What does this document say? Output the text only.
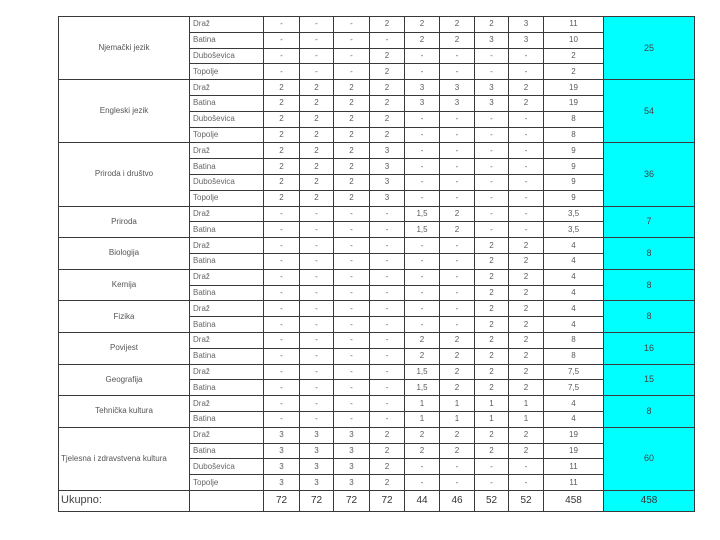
Njemački jezik	Draž	-	-	-	2	2	2	2	3	11	25
	Batina	-	-	-	-	2	2	3	3	10	
	Duboševica	-	-	-	2	-	-	-	-	2	
	Topolje	-	-	-	2	-	-	-	-	2	
Engleski jezik	Draž	2	2	2	2	3	3	3	2	19	54
	Batina	2	2	2	2	3	3	3	2	19	
	Duboševica	2	2	2	2	-	-	-	-	8	
	Topolje	2	2	2	2	-	-	-	-	8	
Priroda i društvo	Draž	2	2	2	3	-	-	-	-	9	36
	Batina	2	2	2	3	-	-	-	-	9	
	Duboševica	2	2	2	3	-	-	-	-	9	
	Topolje	2	2	2	3	-	-	-	-	9	
Priroda	Draž	-	-	-	-	1,5	2	-	-	3,5	7
	Batina	-	-	-	-	1,5	2	-	-	3,5	
Biologija	Draž	-	-	-	-	-	-	2	2	4	8
	Batina	-	-	-	-	-	-	2	2	4	
Kemija	Draž	-	-	-	-	-	-	2	2	4	8
	Batina	-	-	-	-	-	-	2	2	4	
Fizika	Draž	-	-	-	-	-	-	2	2	4	8
	Batina	-	-	-	-	-	-	2	2	4	
Povijest	Draž	-	-	-	-	2	2	2	2	8	16
	Batina	-	-	-	-	2	2	2	2	8	
Geografija	Draž	-	-	-	-	1,5	2	2	2	7,5	15
	Batina	-	-	-	-	1,5	2	2	2	7,5	
Tehnička kultura	Draž	-	-	-	-	1	1	1	1	4	8
	Batina	-	-	-	-	1	1	1	1	4	
Tjelesna i zdravstvena kultura	Draž	3	3	3	2	2	2	2	2	19	60
	Batina	3	3	3	2	2	2	2	2	19	
	Duboševica	3	3	3	2	-	-	-	-	11	
	Topolje	3	3	3	2	-	-	-	-	11	
Ukupno:		72	72	72	72	44	46	52	52	458	458
